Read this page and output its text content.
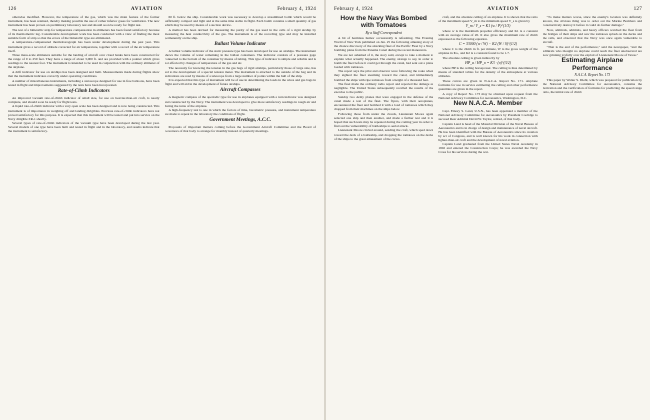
126	AVIATION	February 4, 1924

otherwise modified. However, the temperature of the gas, which was the main feature of the former instrument, has been retained, thereby making possible the use of rather inferior gases for ventilation. The new instrument has been proven on preliminary laboratory test and should soon be ready for flight test.

The test of a bimetallic strip for temperature compensation in altimeters has been found satisfactory because of its thermometric lag. Considerable development work has been conducted with a view of finding the most suitable form of strip so that the errors of the bimetallic type are eliminated.

A temperature-compensated thermobarograph has been under development during the past year. This instrument gives a record of altitude corrected for air temperature, together with a record of the air temperature itself.

Three mass-scale altimeters suitable for the landing of aircraft over cloud banks have been constructed for the range of 0 to 250 feet. They have a range of about 3,000 ft. and are provided with a pointer which gives readings to the nearest foot. The instrument is intended to be used in conjunction with the ordinary altimeter of the airplane.

A drift indicator for use on airships has been designed and built. Measurements made during flights show that the instrument indicates correctly under operating conditions.

A number of miscellaneous instruments, including a statoscope designed for use in free balloons, have been tested in flight and improvements suggested by the tests have been incorporated.

Rate-of-Climb Indicators

An improved vacuum rate-of-climb indicator of small size, for use on heavier-than-air craft, is nearly complete, and should soon be ready for flight tests.

A liquid rate-of-climb indicator with a very open scale has been designed and is now being constructed. This instrument is of importance in weighing off and landing dirigibles. Previous rate-of-climb indicators have not proved satisfactory for this purpose. It is expected that this instrument will be tested and put into service on the Navy dirigible ZR-1 shortly.

Several types of rate-of-climb indicators of the vacuum type have been developed during the last year. Several models of one type have been built and tested in flight and in the laboratory, and results indicate that the instrument is satisfactory.

60 ft. below the ship. Considerable work was necessary to develop a streamlined bomb which would be sufficiently compact and light and at the same time stable in flight. Each bomb contains a small quantity of gas which may be used by means of a suction device.

A method has been devised for measuring the purity of the gas used in the cells of a rigid airship by measuring the heat conductivity of the gas. The instrument is of the recording type and may be installed permanently on the ship.

Ballast Volume Indicator

A ballast volume indicator of the static pressure type has been developed for use on airships. The instrument shows the volume of water remaining in the ballast containers. The indicator consists of a pressure gage connected to the bottom of the container by means of tubing. This type of indicator is simple and reliable and is not affected by changes of temperature of the gas and air.

The necessity for knowing the tension in the gas bags of rigid airships, particularly those of large size, has led to the development of a special tension meter. The instrument is attached to the outside of the bag and its indications are read by means of a telescope from a large number of points within the hull of the ship.

It is expected that this type of instrument will be of use in determining the loads in the wires and gas bags in flight and will aid in the development of future airships.

Aircraft Compasses

A magnetic compass of the aperiodic type for use in airplanes equipped with a turn indicator was designed and constructed by the Navy. The instrument was developed to give more satisfactory readings in rough air and during the turns of the airplane.

A high-frequency test is one in which the factors of time, barometric pressure, and instrument temperature are made to repeat in the laboratory the conditions of flight.

Government Meetings, A.C.C.

Proposals of important matters coming before the Government Aircraft Committee and the Board of Governors of that body to arrange for monthly instead of quarterly meetings.

February 4, 1924	AVIATION	127
How the Navy Was Bombed with Tomatoes
By a Staff Correspondent

A bit of harmless humor occasionally is refreshing. The Evening World of New York published on Jan. 25 the following amusing story of the chance discovery of the attacking fleet of the Pacific Fleet by a Navy bombing plane from the Panama Canal during the recent maneuvers.

We are not ashamed of it, the story said, except to take a moment to explain what actually happened. The enemy, strange to say, in order to bomb the fleet before it could get through the canal, had sent out a plane loaded with tomatoes.

The report says the pilot and observer were following the route when they sighted the fleet steaming toward the canal, and immediately bombed the ships with ripe tomatoes from a height of a thousand feet.

The fleet made the ordinary radio report and reported the damage as negligible. The United States subsequently recalled the results of the exercise to the public.

Sunday two Army planes that were engaged in the defense of the canal made a test of the fleet. The flyers, with their aeroplanes, encountered the fleet and bombed it with a load of tomatoes which they dropped from their machines on the ships below.

Following those from under the clouds, Lieutenant Moore again selected one ship and then another, and made a further test and it is hoped that such tests may be repeated during the coming year in order to find out the vulnerability of battleships to aerial attack.

Lieutenant Moore circled around, sending the craft, which sped down toward the deck of a battleship, and dropping the tomatoes on the decks of the ships to the great amusement of the crews.

craft, and the absolute ceiling of an airplane. It is shown that the ratio of the maximum speed V_m to the minimum speed V_s is given by

V_m / V_s = K1 (w / P)^(1/3)

where w is the maximum propeller efficiency and K1 is a constant with an average value of 20. It also gives the maximum rate of climb expressed as the following equation.

C = 33000 (w / W) − K2 (W / S)^(1/2)

where C is the climb in ft. per minute, W is the gross weight of the airplane in lbs., and K2 is a constant found to be 1.7.

The absolute ceiling is given indirectly by

HP_a / HP_o = K3 · (σ)^(3/2)

where HP is the ceiling horsepower. The ceiling is thus determined by means of standard tables for the density of the atmosphere at various altitudes.

These curves are given in N.A.C.A. Report No. 171. Airplane formulas for use in service estimating the ceiling and other performance quantities are given in the report.

A copy of Report No. 173 may be obtained upon request from the National Advisory Committee for Aeronautics, Washington, D.C.

New N.A.C.A. Member

Capt. Emory S. Land, U.S.N., has been appointed a member of the National Advisory Committee for Aeronautics by President Coolidge to succeed Rear Admiral David W. Taylor, retired, of that body.

Captain Land is head of the Material Division of the Naval Bureau of Aeronautics and is in charge of design and maintenance of naval aircraft. He has been identified with the Bureau of Aeronautics since its creation by act of Congress, and is well known for his work in connection with lighter-than-air craft and the development of naval aviation.

Captain Land graduated from the United States Naval Academy in 1902 and entered the Construction Corps; he was awarded the Navy Cross for his services during the war.

"To make matters worse, since the enemy's location was definitely known, the obvious thing was to order out the Marine Bombers and constructively destroy it before it could do further damage."

Now, admirals, admirals, and heavy officers watched the fleet from the bridges of their ships and saw the tomatoes splash on the decks and the rails, and observed that the Navy was once again vulnerable to aircraft.

"That is the end of the performance," said the newspaper, "and the admirals who thought no airplane could reach the fleet unobserved are now grinning joyfully over the exploit of Lieutenant Moore of Texas."

Estimating Airplane Performance
N.A.C.A. Report No. 173

This paper by Walter S. Diehl, which was prepared for publication by the National Advisory Committee for Aeronautics, contains the derivation and the verification of formulas for predicting the speed range ratio, the initial rate of climb
